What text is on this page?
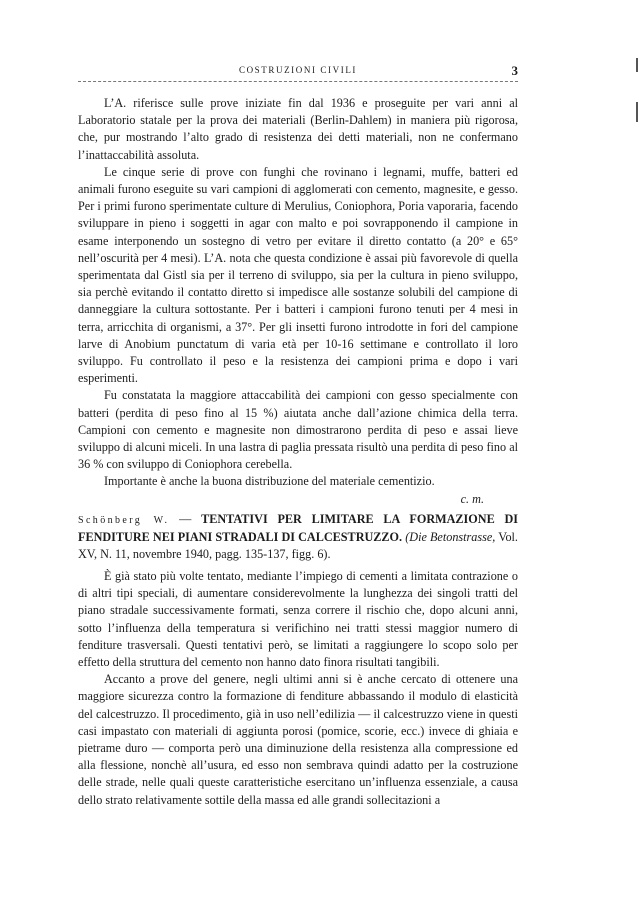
COSTRUZIONI CIVILI	3

L’A. riferisce sulle prove iniziate fin dal 1936 e proseguite per vari anni al Laboratorio statale per la prova dei materiali (Berlin-Dahlem) in maniera più rigorosa, che, pur mostrando l’alto grado di resistenza dei detti materiali, non ne confermano l’inattaccabilità assoluta.

Le cinque serie di prove con funghi che rovinano i legnami, muffe, batteri ed animali furono eseguite su vari campioni di agglomerati con cemento, magnesite, e gesso. Per i primi furono sperimentate culture di Merulius, Coniophora, Poria vaporaria, facendo sviluppare in pieno i soggetti in agar con malto e poi sovrapponendo il campione in esame interponendo un sostegno di vetro per evitare il diretto contatto (a 20° e 65° nell’oscurità per 4 mesi). L’A. nota che questa condizione è assai più favorevole di quella sperimentata dal Gistl sia per il terreno di sviluppo, sia per la cultura in pieno sviluppo, sia perchè evitando il contatto diretto si impedisce alle sostanze solubili del campione di danneggiare la cultura sottostante. Per i batteri i campioni furono tenuti per 4 mesi in terra, arricchita di organismi, a 37°. Per gli insetti furono introdotte in fori del campione larve di Anobium punctatum di varia età per 10-16 settimane e controllato il loro sviluppo. Fu controllato il peso e la resistenza dei campioni prima e dopo i vari esperimenti.

Fu constatata la maggiore attaccabilità dei campioni con gesso specialmente con batteri (perdita di peso fino al 15 %) aiutata anche dall’azione chimica della terra. Campioni con cemento e magnesite non dimostrarono perdita di peso e assai lieve sviluppo di alcuni miceli. In una lastra di paglia pressata risultò una perdita di peso fino al 36 % con sviluppo di Coniophora cerebella.

Importante è anche la buona distribuzione del materiale cementizio.

c. m.

Schönberg W. — TENTATIVI PER LIMITARE LA FORMAZIONE DI FENDITURE NEI PIANI STRADALI DI CALCESTRUZZO. (Die Betonstrasse, Vol. XV, N. 11, novembre 1940, pagg. 135-137, figg. 6).

È già stato più volte tentato, mediante l’impiego di cementi a limitata contrazione o di altri tipi speciali, di aumentare considerevolmente la lunghezza dei singoli tratti del piano stradale successivamente formati, senza correre il rischio che, dopo alcuni anni, sotto l’influenza della temperatura si verifichino nei tratti stessi maggior numero di fenditure trasversali. Questi tentativi però, se limitati a raggiungere lo scopo solo per effetto della struttura del cemento non hanno dato finora risultati tangibili.

Accanto a prove del genere, negli ultimi anni si è anche cercato di ottenere una maggiore sicurezza contro la formazione di fenditure abbassando il modulo di elasticità del calcestruzzo. Il procedimento, già in uso nell’edilizia — il calcestruzzo viene in questi casi impastato con materiali di aggiunta porosi (pomice, scorie, ecc.) invece di ghiaia e pietrame duro — comporta però una diminuzione della resistenza alla compressione ed alla flessione, nonchè all’usura, ed esso non sembrava quindi adatto per la costruzione delle strade, nelle quali queste caratteristiche esercitano un’influenza essenziale, a causa dello strato relativamente sottile della massa ed alle grandi sollecitazioni a
